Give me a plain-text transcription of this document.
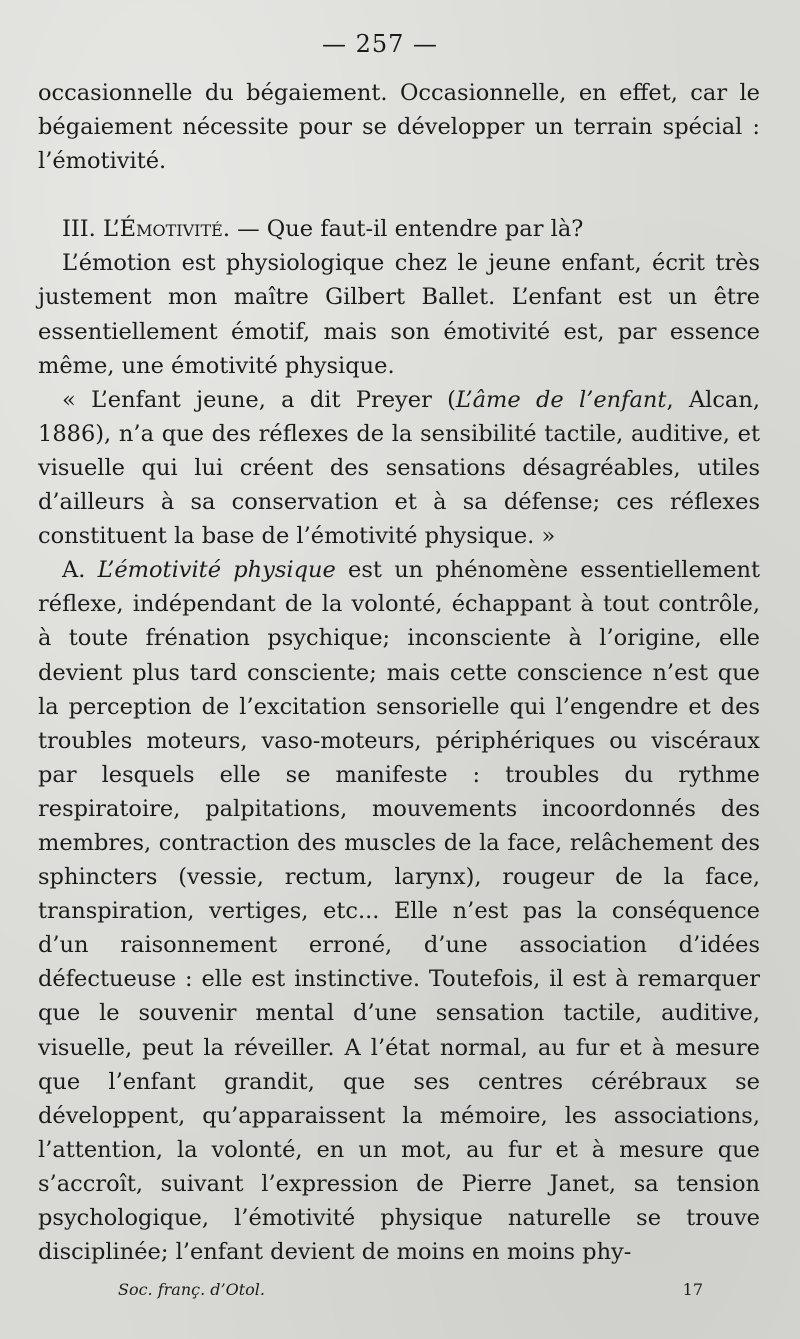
— 257 —

occasionnelle du bégaiement. Occasionnelle, en effet, car le bégaiement nécessite pour se développer un terrain spécial : l’émotivité.

III. L’Émotivité. — Que faut-il entendre par là?

L’émotion est physiologique chez le jeune enfant, écrit très justement mon maître Gilbert Ballet. L’enfant est un être essentiellement émotif, mais son émotivité est, par essence même, une émotivité physique.

« L’enfant jeune, a dit Preyer (L’âme de l’enfant, Alcan, 1886), n’a que des réflexes de la sensibilité tactile, auditive, et visuelle qui lui créent des sensations désagréables, utiles d’ailleurs à sa conservation et à sa défense; ces réflexes constituent la base de l’émotivité physique. »

A. L’émotivité physique est un phénomène essentiellement réflexe, indépendant de la volonté, échappant à tout contrôle, à toute frénation psychique; inconsciente à l’origine, elle devient plus tard consciente; mais cette conscience n’est que la perception de l’excitation sensorielle qui l’engendre et des troubles moteurs, vaso-moteurs, périphériques ou viscéraux par lesquels elle se manifeste : troubles du rythme respiratoire, palpitations, mouvements incoordonnés des membres, contraction des muscles de la face, relâchement des sphincters (vessie, rectum, larynx), rougeur de la face, transpiration, vertiges, etc... Elle n’est pas la conséquence d’un raisonnement erroné, d’une association d’idées défectueuse : elle est instinctive. Toutefois, il est à remarquer que le souvenir mental d’une sensation tactile, auditive, visuelle, peut la réveiller. A l’état normal, au fur et à mesure que l’enfant grandit, que ses centres cérébraux se développent, qu’apparaissent la mémoire, les associations, l’attention, la volonté, en un mot, au fur et à mesure que s’accroît, suivant l’expression de Pierre Janet, sa tension psychologique, l’émotivité physique naturelle se trouve disciplinée; l’enfant devient de moins en moins phy-

Soc. franç. d’Otol.	17
